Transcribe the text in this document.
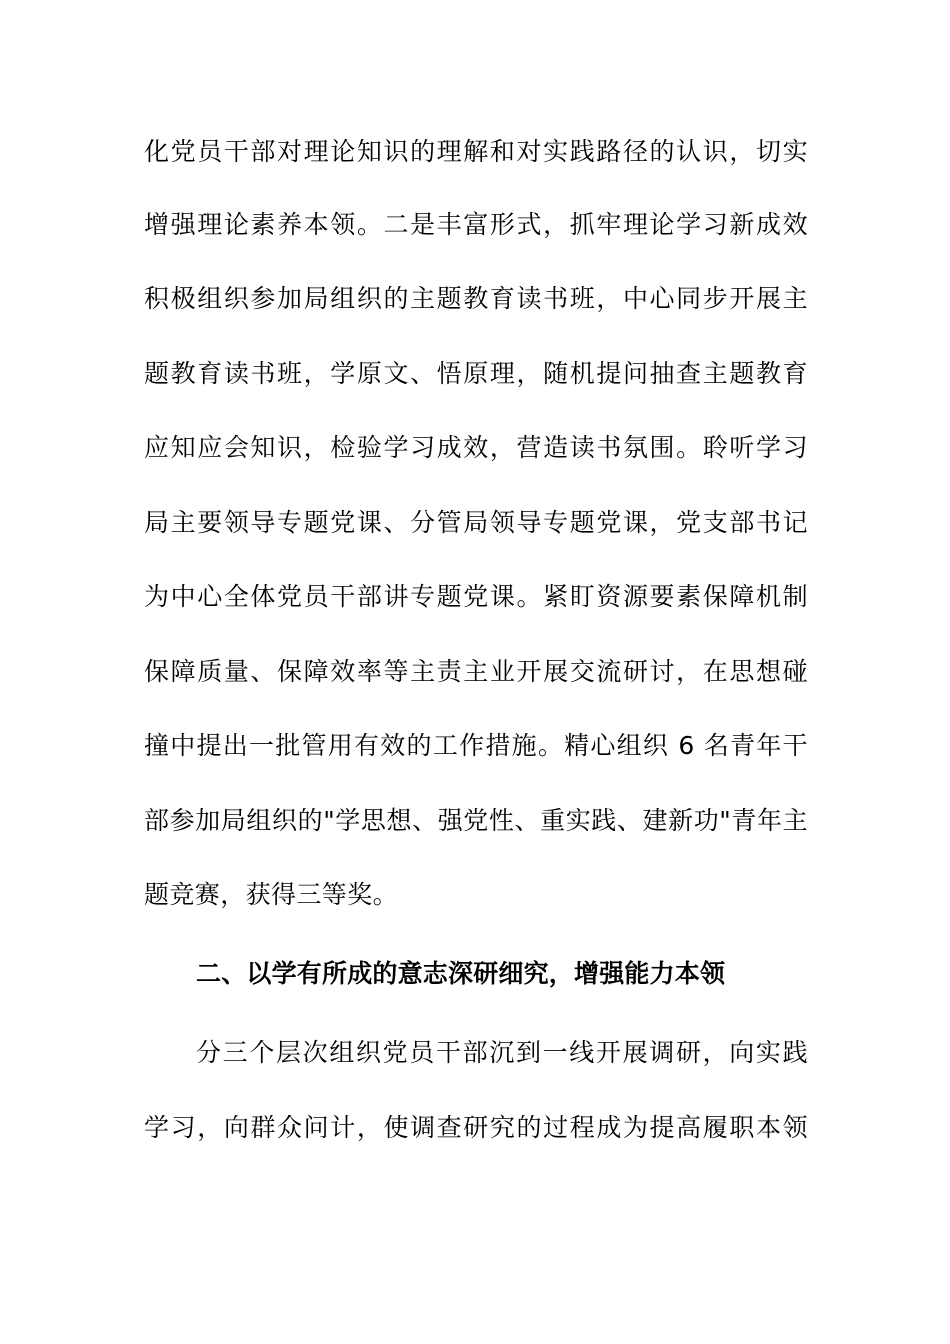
化党员干部对理论知识的理解和对实践路径的认识，切实
增强理论素养本领。二是丰富形式，抓牢理论学习新成效
积极组织参加局组织的主题教育读书班，中心同步开展主
题教育读书班，学原文、悟原理，随机提问抽查主题教育
应知应会知识，检验学习成效，营造读书氛围。聆听学习
局主要领导专题党课、分管局领导专题党课，党支部书记
为中心全体党员干部讲专题党课。紧盯资源要素保障机制
保障质量、保障效率等主责主业开展交流研讨，在思想碰
撞中提出一批管用有效的工作措施。精心组织 6 名青年干
部参加局组织的"学思想、强党性、重实践、建新功"青年主
题竞赛，获得三等奖。
二、以学有所成的意志深研细究，增强能力本领
分三个层次组织党员干部沉到一线开展调研，向实践
学习，向群众问计，使调查研究的过程成为提高履职本领
